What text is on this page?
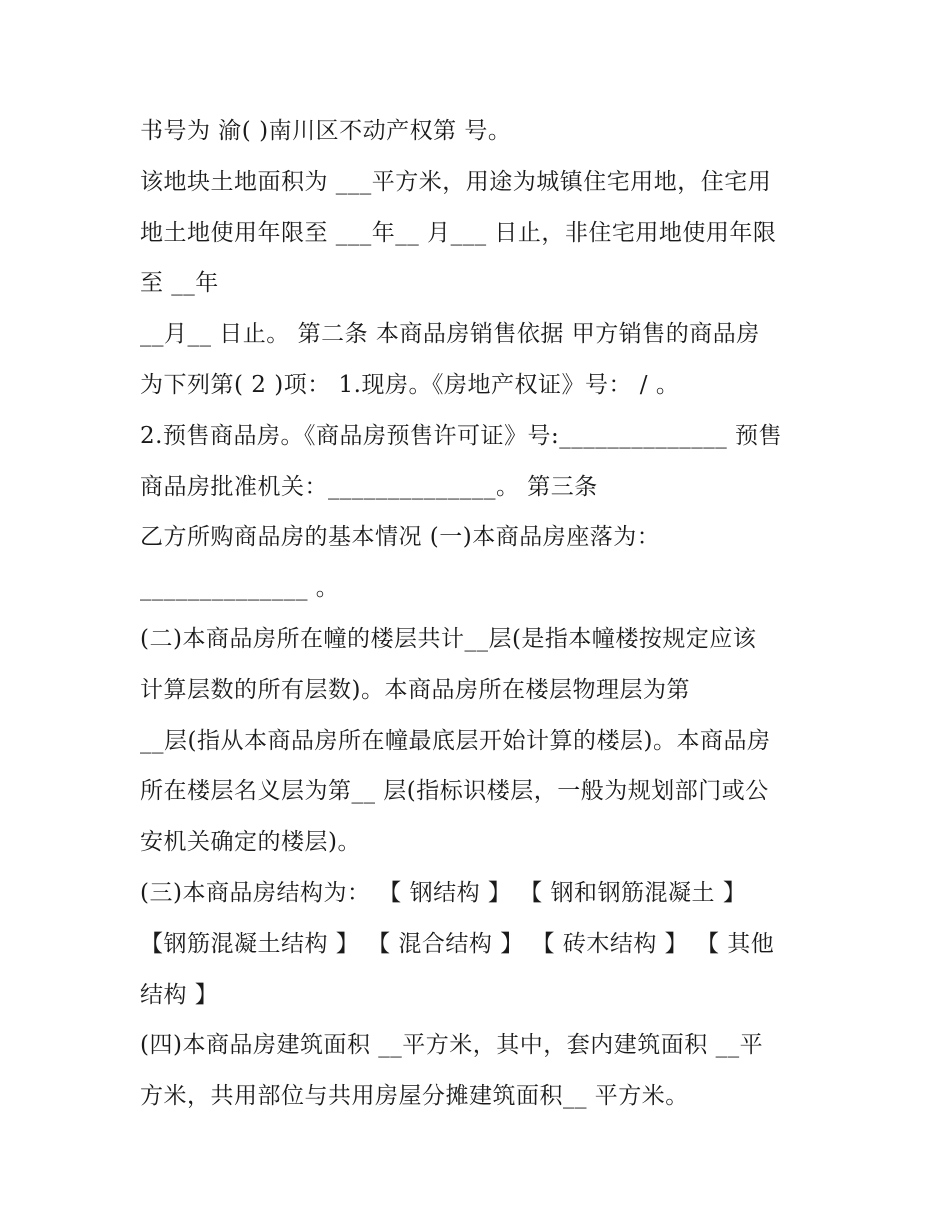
书号为 渝( )南川区不动产权第 号。
该地块土地面积为 ___平方米，用途为城镇住宅用地，住宅用
地土地使用年限至 ___年__ 月___ 日止，非住宅用地使用年限
至 __年
__月__ 日止。 第二条 本商品房销售依据 甲方销售的商品房
为下列第( 2 )项： 1.现房。《房地产权证》号： / 。
2.预售商品房。《商品房预售许可证》号:______________ 预售
商品房批准机关：______________。 第三条
乙方所购商品房的基本情况 (一)本商品房座落为：
______________ 。
(二)本商品房所在幢的楼层共计__层(是指本幢楼按规定应该
计算层数的所有层数)。本商品房所在楼层物理层为第
__层(指从本商品房所在幢最底层开始计算的楼层)。本商品房
所在楼层名义层为第__ 层(指标识楼层，一般为规划部门或公
安机关确定的楼层)。
(三)本商品房结构为： 【 钢结构 】 【 钢和钢筋混凝土 】
【钢筋混凝土结构 】 【 混合结构 】 【 砖木结构 】 【 其他
结构 】
(四)本商品房建筑面积 __平方米，其中，套内建筑面积 __平
方米，共用部位与共用房屋分摊建筑面积__ 平方米。
